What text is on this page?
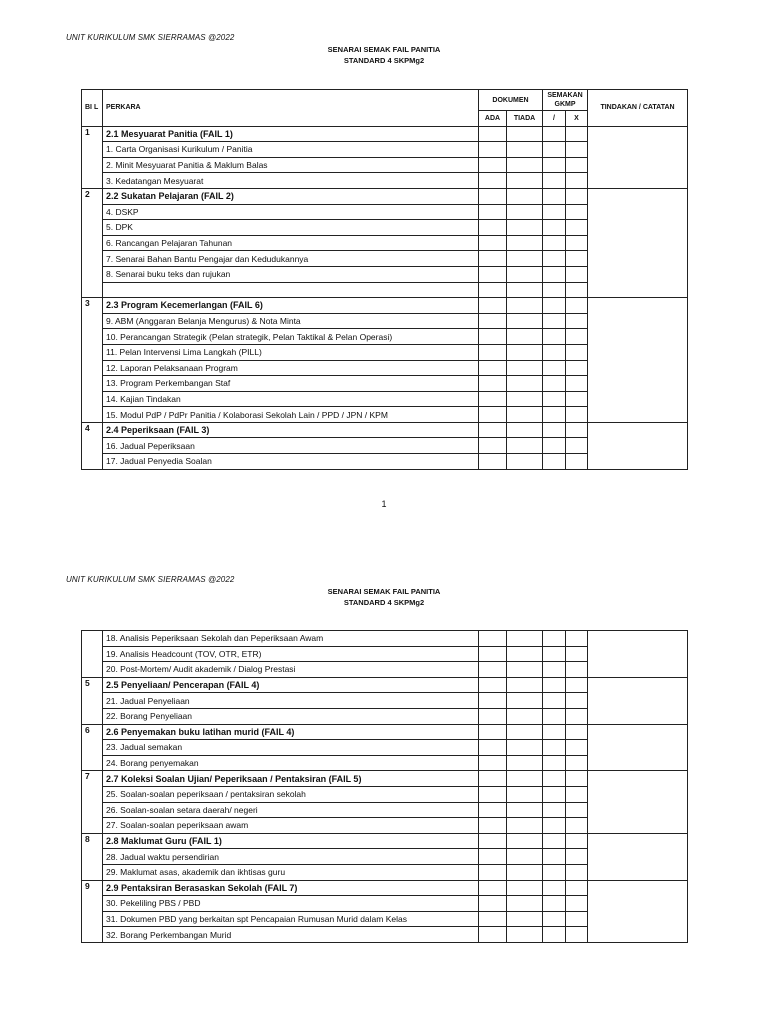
UNIT KURIKULUM SMK SIERRAMAS @2022
SENARAI SEMAK FAIL PANITIA
STANDARD 4 SKPMg2
BI L	PERKARA	DOKUMEN		SEMAKAN GKMP		TINDAKAN / CATATAN
		ADA	TIADA	/	X	
1	2.1 Mesyuarat Panitia (FAIL 1)					
	1. Carta Organisasi Kurikulum / Panitia					
	2. Minit Mesyuarat Panitia & Maklum Balas					
	3. Kedatangan Mesyuarat					
2	2.2 Sukatan Pelajaran (FAIL 2)					
	4. DSKP					
	5. DPK					
	6. Rancangan Pelajaran Tahunan					
	7. Senarai Bahan Bantu Pengajar dan Kedudukannya					
	8. Senarai buku teks dan rujukan					

3	2.3 Program Kecemerlangan (FAIL 6)					
	9. ABM (Anggaran Belanja Mengurus) & Nota Minta					
	10. Perancangan Strategik (Pelan strategik, Pelan Taktikal & Pelan Operasi)					
	11. Pelan Intervensi Lima Langkah (PILL)					
	12. Laporan Pelaksanaan Program					
	13. Program Perkembangan Staf					
	14. Kajian Tindakan					
	15. Modul PdP / PdPr Panitia / Kolaborasi Sekolah Lain / PPD / JPN / KPM					
4	2.4 Peperiksaan (FAIL 3)					
	16. Jadual Peperiksaan					
	17. Jadual Penyedia Soalan					
1
UNIT KURIKULUM SMK SIERRAMAS @2022
SENARAI SEMAK FAIL PANITIA
STANDARD 4 SKPMg2
	18. Analisis Peperiksaan Sekolah dan Peperiksaan Awam					
	19. Analisis Headcount (TOV, OTR, ETR)					
	20. Post-Mortem/ Audit akademik / Dialog Prestasi					
5	2.5 Penyeliaan/ Pencerapan (FAIL 4)					
	21. Jadual Penyeliaan					
	22. Borang Penyeliaan					
6	2.6 Penyemakan buku latihan murid (FAIL 4)					
	23. Jadual semakan					
	24. Borang penyemakan					
7	2.7 Koleksi Soalan Ujian/ Peperiksaan / Pentaksiran (FAIL 5)					
	25. Soalan-soalan peperiksaan / pentaksiran sekolah					
	26. Soalan-soalan setara daerah/ negeri					
	27. Soalan-soalan peperiksaan awam					
8	2.8 Maklumat Guru (FAIL 1)					
	28. Jadual waktu persendirian					
	29. Maklumat asas, akademik dan ikhtisas guru					
9	2.9 Pentaksiran Berasaskan Sekolah (FAIL 7)					
	30. Pekeliling PBS / PBD					
	31. Dokumen PBD yang berkaitan spt Pencapaian Rumusan Murid dalam Kelas					
	32. Borang Perkembangan Murid					
